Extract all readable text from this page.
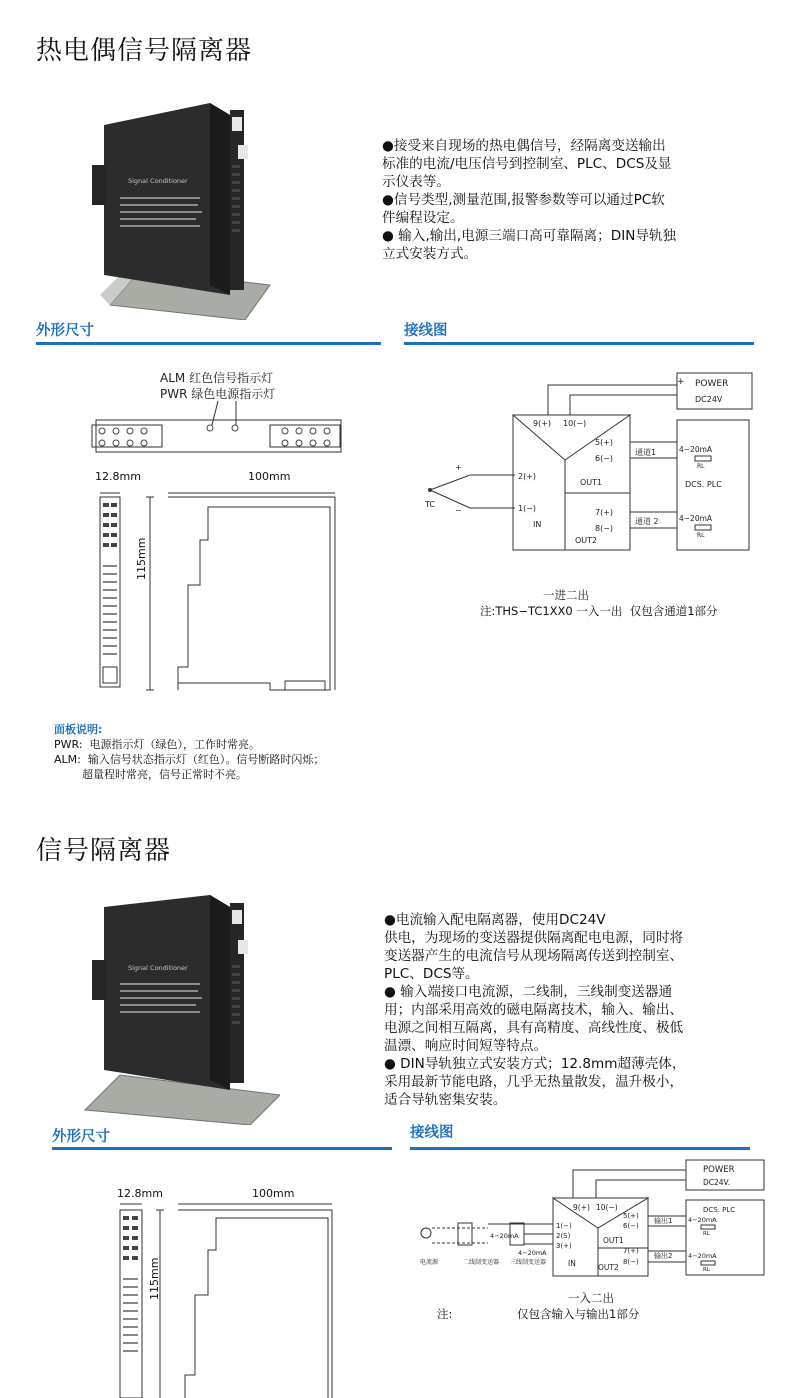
热电偶信号隔离器
Signal Conditioner
●接受来自现场的热电偶信号，经隔离变送输出
标准的电流/电压信号到控制室、PLC、DCS及显
示仪表等。
●信号类型,测量范围,报警参数等可以通过PC软
件编程设定。
● 输入,输出,电源三端口高可靠隔离；DIN导轨独
立式安装方式。
外形尺寸	接线图
ALM 红色信号指示灯
PWR 绿色电源指示灯
12.8mm	100mm
115mm
面板说明:
PWR:  电源指示灯（绿色），工作时常亮。
ALM:  输入信号状态指示灯（红色）。信号断路时闪烁；
超量程时常亮，信号正常时不亮。
POWER
DC24V
+
_
9(+) 10(−)
OUT1
OUT2
IN
2(+)
1(−)
TC
+
−
5(+)
6(−)
7(+)
8(−)
通道1
通道 2
4−20mA
RL
DCS. PLC
4−20mA
RL
一进二出
注:THS−TC1XX0 一入一出  仅包含通道1部分
信号隔离器
Signal Conditioner
●电流输入配电隔离器，使用DC24V
供电，为现场的变送器提供隔离配电电源，同时将
变送器产生的电流信号从现场隔离传送到控制室、
PLC、DCS等。
● 输入端接口电流源，二线制，三线制变送器通
用；内部采用高效的磁电隔离技术，输入、输出、
电源之间相互隔离，具有高精度、高线性度、极低
温漂、响应时间短等特点。
● DIN导轨独立式安装方式；12.8mm超薄壳体，
采用最新节能电路，几乎无热量散发，温升极小，
适合导轨密集安装。
外形尺寸	接线图
12.8mm	100mm
115mm
POWER
DC24V.
9(+) 10(−)
OUT1
IN	OUT2
1(−)
2(S)
3(+)
5(+)
6(−)
7(+)
8(−)
输出1
输出2
DCS. PLC
4−20mA
RL
4−20mA
RL
4−20mA
4−20mA
电流源	二线制变送器 三线制变送器
一入二出
注:	仅包含输入与输出1部分
